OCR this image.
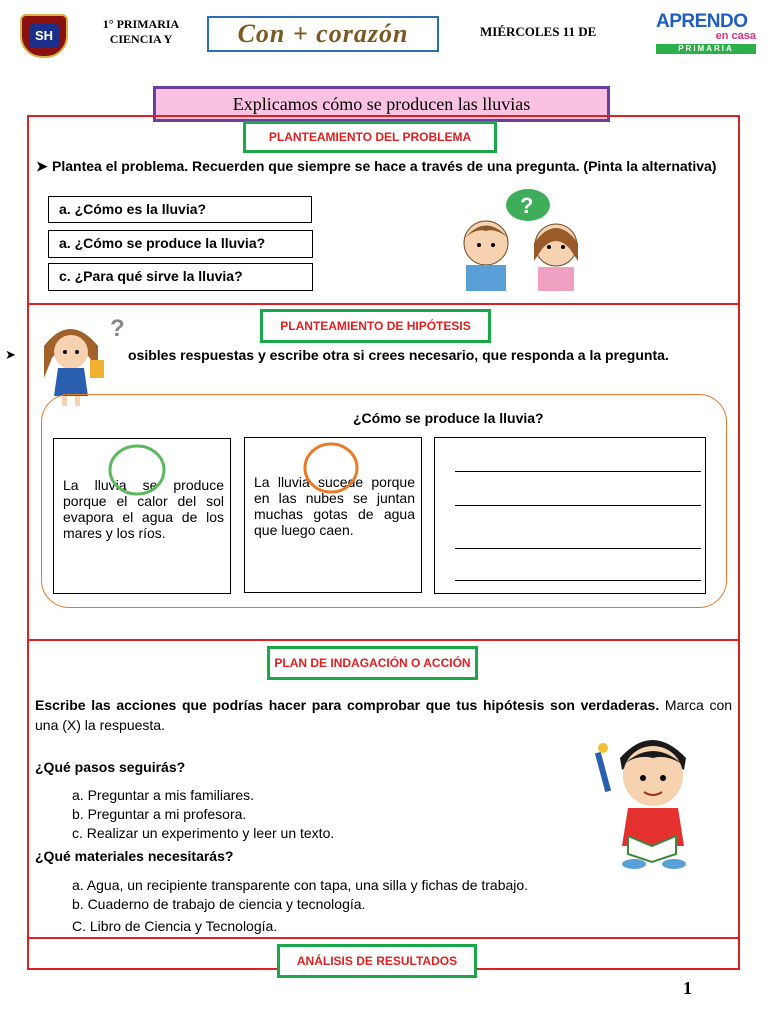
SH
1° PRIMARIA
CIENCIA Y	Con + corazón	MIÉRCOLES 11 DE	APRENDO
en casa
PRIMARIA
Explicamos cómo se producen las lluvias
PLANTEAMIENTO DEL PROBLEMA
➤ Plantea el problema. Recuerden que siempre se hace a través de una pregunta. (Pinta la alternativa)
a. ¿Cómo es la lluvia?
a. ¿Cómo se produce la lluvia?
c. ¿Para qué sirve la lluvia?
?
PLANTEAMIENTO DE HIPÓTESIS
➤	osibles respuestas y escribe otra si crees necesario, que responda a la pregunta.
?
¿Cómo se produce la lluvia?
La lluvia se produce porque el calor del sol evapora el agua de los mares y los ríos.
La lluvia sucede porque en las nubes se juntan muchas gotas de agua que luego caen.
PLAN DE INDAGACIÓN O ACCIÓN
Escribe las acciones que podrías hacer para comprobar que tus hipótesis son verdaderas. Marca con una (X) la respuesta.
¿Qué pasos seguirás?
a. Preguntar a mis familiares.
b. Preguntar a mi profesora.
c. Realizar un experimento y leer un texto.
¿Qué materiales necesitarás?
a. Agua, un recipiente transparente con tapa, una silla y fichas de trabajo.
b. Cuaderno de trabajo de ciencia y tecnología.
C. Libro de Ciencia y Tecnología.
ANÁLISIS DE RESULTADOS
1
